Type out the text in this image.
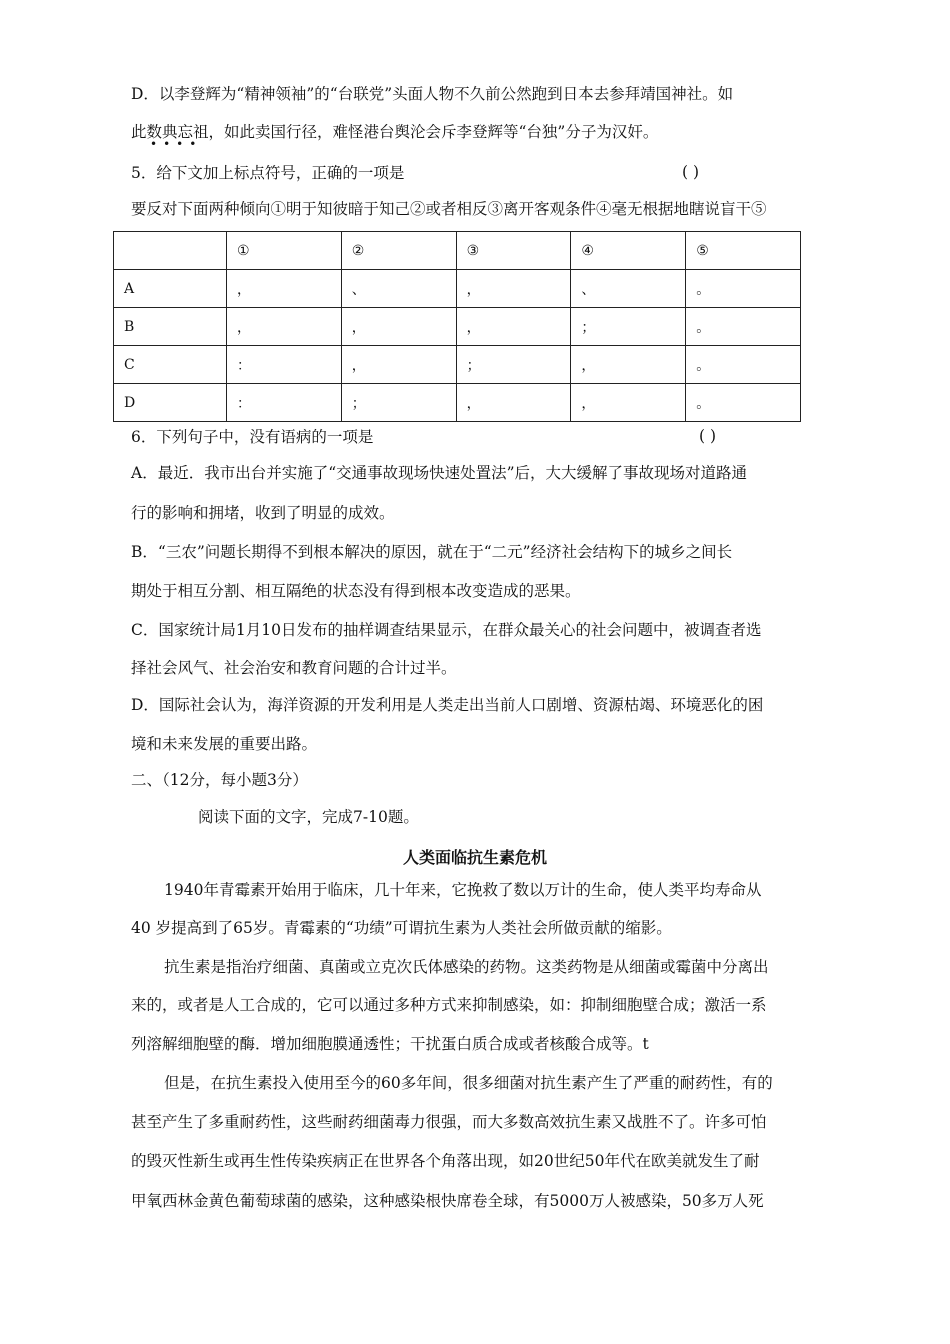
D．以李登辉为“精神领袖”的“台联党”头面人物不久前公然跑到日本去参拜靖国神社。如
此数典忘祖，如此卖国行径，难怪港台舆沦会斥李登辉等“台独”分子为汉奸。
••••
5．给下文加上标点符号，正确的一项是	( )
要反对下面两种倾向①明于知彼暗于知己②或者相反③离开客观条件④毫无根据地瞎说盲干⑤
	①	②	③	④	⑤
A	，	、	，	、	。
B	，	，	，	；	。
C	：	，	；	，	。
D	：	；	，	，	。
6．下列句子中，没有语病的一项是	( )
A．最近．我市出台并实施了“交通事故现场快速处置法”后，大大缓解了事故现场对道路通
行的影响和拥堵，收到了明显的成效。
B．“三农”问题长期得不到根本解决的原因，就在于“二元”经济社会结构下的城乡之间长
期处于相互分割、相互隔绝的状态没有得到根本改变造成的恶果。
C．国家统计局1月10日发布的抽样调查结果显示，在群众最关心的社会问题中，被调查者选
择社会风气、社会治安和教育问题的合计过半。
D．国际社会认为，海洋资源的开发利用是人类走出当前人口剧增、资源枯竭、环境恶化的困
境和未来发展的重要出路。
二、（12分，每小题3分）
阅读下面的文字，完成7-10题。
人类面临抗生素危机
1940年青霉素开始用于临床，几十年来，它挽救了数以万计的生命，使人类平均寿命从
40 岁提高到了65岁。青霉素的“功绩”可谓抗生素为人类社会所做贡献的缩影。
抗生素是指治疗细菌、真菌或立克次氏体感染的药物。这类药物是从细菌或霉菌中分离出
来的，或者是人工合成的，它可以通过多种方式来抑制感染，如：抑制细胞壁合成；激活一系
列溶解细胞壁的酶．增加细胞膜通透性；干扰蛋白质合成或者核酸合成等。t
但是，在抗生素投入使用至今的60多年间，很多细菌对抗生素产生了严重的耐药性，有的
甚至产生了多重耐药性，这些耐药细菌毒力很强，而大多数高效抗生素又战胜不了。许多可怕
的毁灭性新生或再生性传染疾病正在世界各个角落出现，如20世纪50年代在欧美就发生了耐
甲氧西林金黄色葡萄球菌的感染，这种感染根快席卷全球，有5000万人被感染，50多万人死
